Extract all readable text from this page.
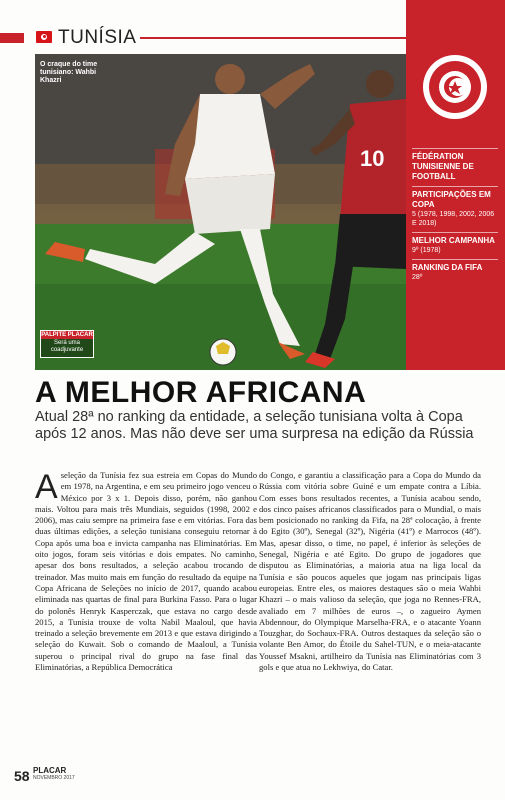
TUNÍSIA
10
O craque do time tunisiano: Wahbi Khazri
PALPITE PLACAR
Será uma coadjuvante
FÉDÉRATION TUNISIENNE DE FOOTBALL
PARTICIPAÇÕES EM COPA
5 (1978, 1998, 2002, 2006 E 2018)
MELHOR CAMPANHA
9º (1978)
RANKING DA FIFA
28º
A MELHOR AFRICANA
Atual 28ª no ranking da entidade, a seleção tunisiana volta à Copa após 12 anos. Mas não deve ser uma surpresa na edição da Rússia
Aseleção da Tunísia fez sua estreia em Copas do Mundo em 1978, na Argentina, e em seu primeiro jogo venceu o México por 3 x 1. Depois disso, porém, não ganhou mais. Voltou para mais três Mundiais, seguidos (1998, 2002 e 2006), mas caiu sempre na primeira fase e em vitórias. Fora das duas últimas edições, a seleção tunisiana conseguiu retornar à Copa após uma boa e invicta campanha nas Eliminatórias. Em oito jogos, foram seis vitórias e dois empates. No caminho, apesar dos bons resultados, a seleção acabou trocando de treinador. Mas muito mais em função do resultado da equipe na Copa Africana de Seleções no início de 2017, quando acabou eliminada nas quartas de final para Burkina Fasso. Para o lugar do polonês Henryk Kasperczak, que estava no cargo desde 2015, a Tunísia trouxe de volta Nabil Maaloul, que havia treinado a seleção brevemente em 2013 e que estava dirigindo a seleção do Kuwait. Sob o comando de Maaloul, a Tunísia superou o principal rival do grupo na fase final das Eliminatórias, a República Democrática
do Congo, e garantiu a classificação para a Copa do Mundo da Rússia com vitória sobre Guiné e um empate contra a Líbia. Com esses bons resultados recentes, a Tunísia acabou sendo, dos cinco países africanos classificados para o Mundial, o mais bem posicionado no ranking da Fifa, na 28ª colocação, à frente do Egito (30º), Senegal (32º), Nigéria (41º) e Marrocos (48º). Mas, apesar disso, o time, no papel, é inferior às seleções de Senegal, Nigéria e até Egito. Do grupo de jogadores que disputou as Eliminatórias, a maioria atua na liga local da Tunísia e são poucos aqueles que jogam nas principais ligas europeias. Entre eles, os maiores destaques são o meia Wahbi Khazri – o mais valioso da seleção, que joga no Rennes-FRA, avaliado em 7 milhões de euros –, o zagueiro Aymen Abdennour, do Olympique Marselha-FRA, e o atacante Yoann Touzghar, do Sochaux-FRA. Outros destaques da seleção são o volante Ben Amor, do Étoile du Sahel-TUN, e o meia-atacante Youssef Msakni, artilheiro da Tunísia nas Eliminatórias com 3 gols e que atua no Lekhwiya, do Catar.
58 PLACAR
NOVEMBRO 2017
